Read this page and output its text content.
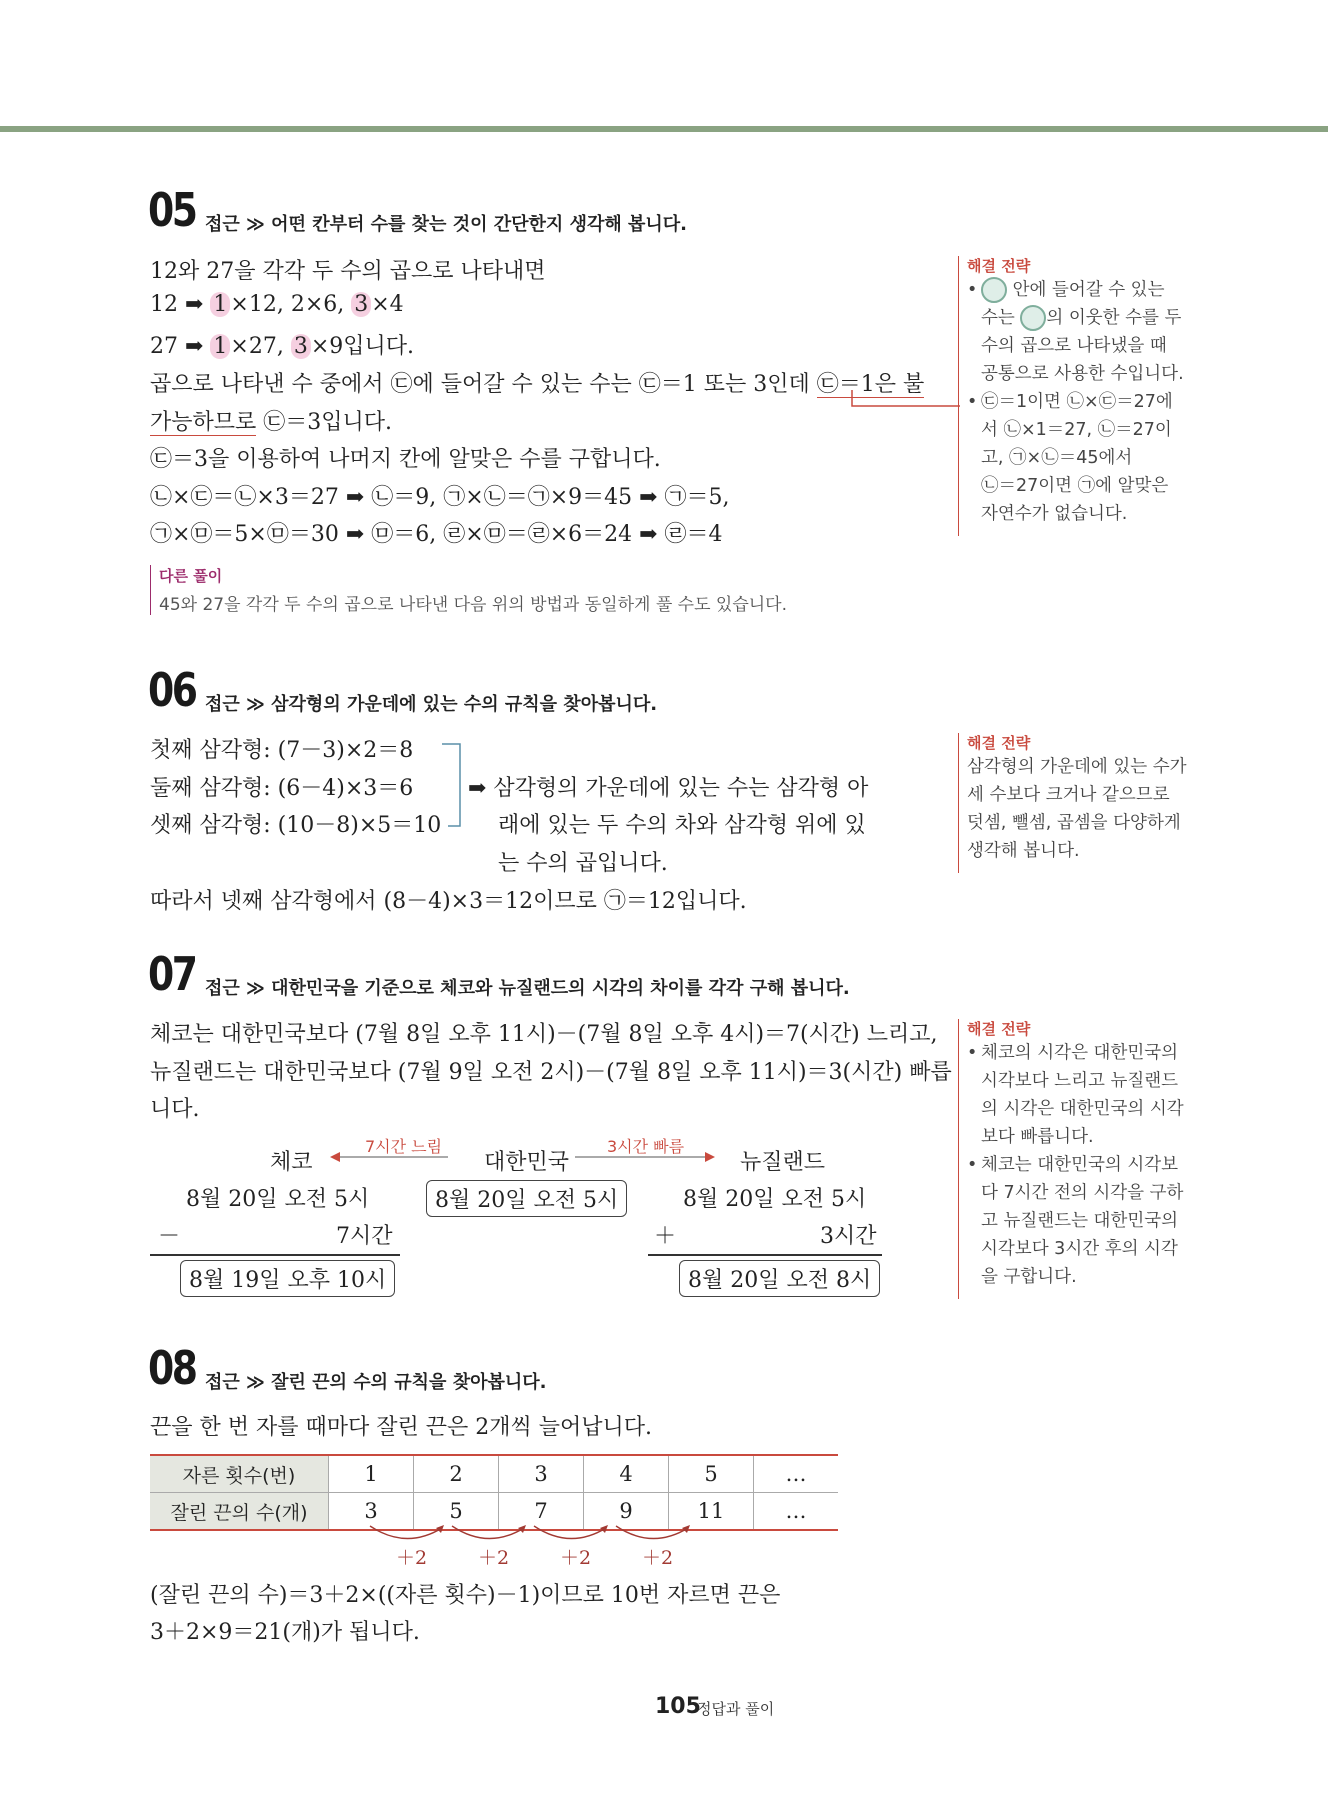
05 접근 ≫ 어떤 칸부터 수를 찾는 것이 간단한지 생각해 봅니다.
12와 27을 각각 두 수의 곱으로 나타내면
12 ➡ 1 ×12, 2×6, 3 ×4
27 ➡ 1 ×27, 3 ×9입니다.
곱으로 나타낸 수 중에서 ㉢에 들어갈 수 있는 수는 ㉢＝1 또는 3인데 ㉢＝1은 불
가능하므로 ㉢＝3입니다.
㉢＝3을 이용하여 나머지 칸에 알맞은 수를 구합니다.
㉡×㉢＝㉡×3＝27 ➡ ㉡＝9, ㉠×㉡＝㉠×9＝45 ➡ ㉠＝5,
㉠×㉤＝5×㉤＝30 ➡ ㉤＝6, ㉣×㉤＝㉣×6＝24 ➡ ㉣＝4
다른 풀이
45와 27을 각각 두 수의 곱으로 나타낸 다음 위의 방법과 동일하게 풀 수도 있습니다.
해결 전략
• 안에 들어갈 수 있는
수는 의 이웃한 수를 두
수의 곱으로 나타냈을 때
공통으로 사용한 수입니다.
• ㉢＝1이면 ㉡×㉢＝27에
서 ㉡×1＝27, ㉡＝27이
고, ㉠×㉡＝45에서
㉡＝27이면 ㉠에 알맞은
자연수가 없습니다.
06 접근 ≫ 삼각형의 가운데에 있는 수의 규칙을 찾아봅니다.
첫째 삼각형: (7－3)×2＝8
둘째 삼각형: (6－4)×3＝6
셋째 삼각형: (10－8)×5＝10
➡ 삼각형의 가운데에 있는 수는 삼각형 아
래에 있는 두 수의 차와 삼각형 위에 있
는 수의 곱입니다.
따라서 넷째 삼각형에서 (8－4)×3＝12이므로 ㉠＝12입니다.
해결 전략
삼각형의 가운데에 있는 수가
세 수보다 크거나 같으므로
덧셈, 뺄셈, 곱셈을 다양하게
생각해 봅니다.
07 접근 ≫ 대한민국을 기준으로 체코와 뉴질랜드의 시각의 차이를 각각 구해 봅니다.
체코는 대한민국보다 (7월 8일 오후 11시)－(7월 8일 오후 4시)＝7(시간) 느리고,
뉴질랜드는 대한민국보다 (7월 9일 오전 2시)－(7월 8일 오후 11시)＝3(시간) 빠릅
니다.
체코	대한민국	뉴질랜드
7시간 느림	3시간 빠름
8월 20일 오전 5시
－	7시간
8월 19일 오후 10시
8월 20일 오전 5시	8월 20일 오전 5시
＋	3시간
8월 20일 오전 8시
해결 전략
• 체코의 시각은 대한민국의
시각보다 느리고 뉴질랜드
의 시각은 대한민국의 시각
보다 빠릅니다.
• 체코는 대한민국의 시각보
다 7시간 전의 시각을 구하
고 뉴질랜드는 대한민국의
시각보다 3시간 후의 시각
을 구합니다.
08 접근 ≫ 잘린 끈의 수의 규칙을 찾아봅니다.
끈을 한 번 자를 때마다 잘린 끈은 2개씩 늘어납니다.
자른 횟수(번)	1	2	3	4	5	…
잘린 끈의 수(개)	3	5	7	9	11	…
＋2	＋2	＋2	＋2
(잘린 끈의 수)＝3＋2×((자른 횟수)－1)이므로 10번 자르면 끈은
3＋2×9＝21(개)가 됩니다.
105
정답과 풀이
